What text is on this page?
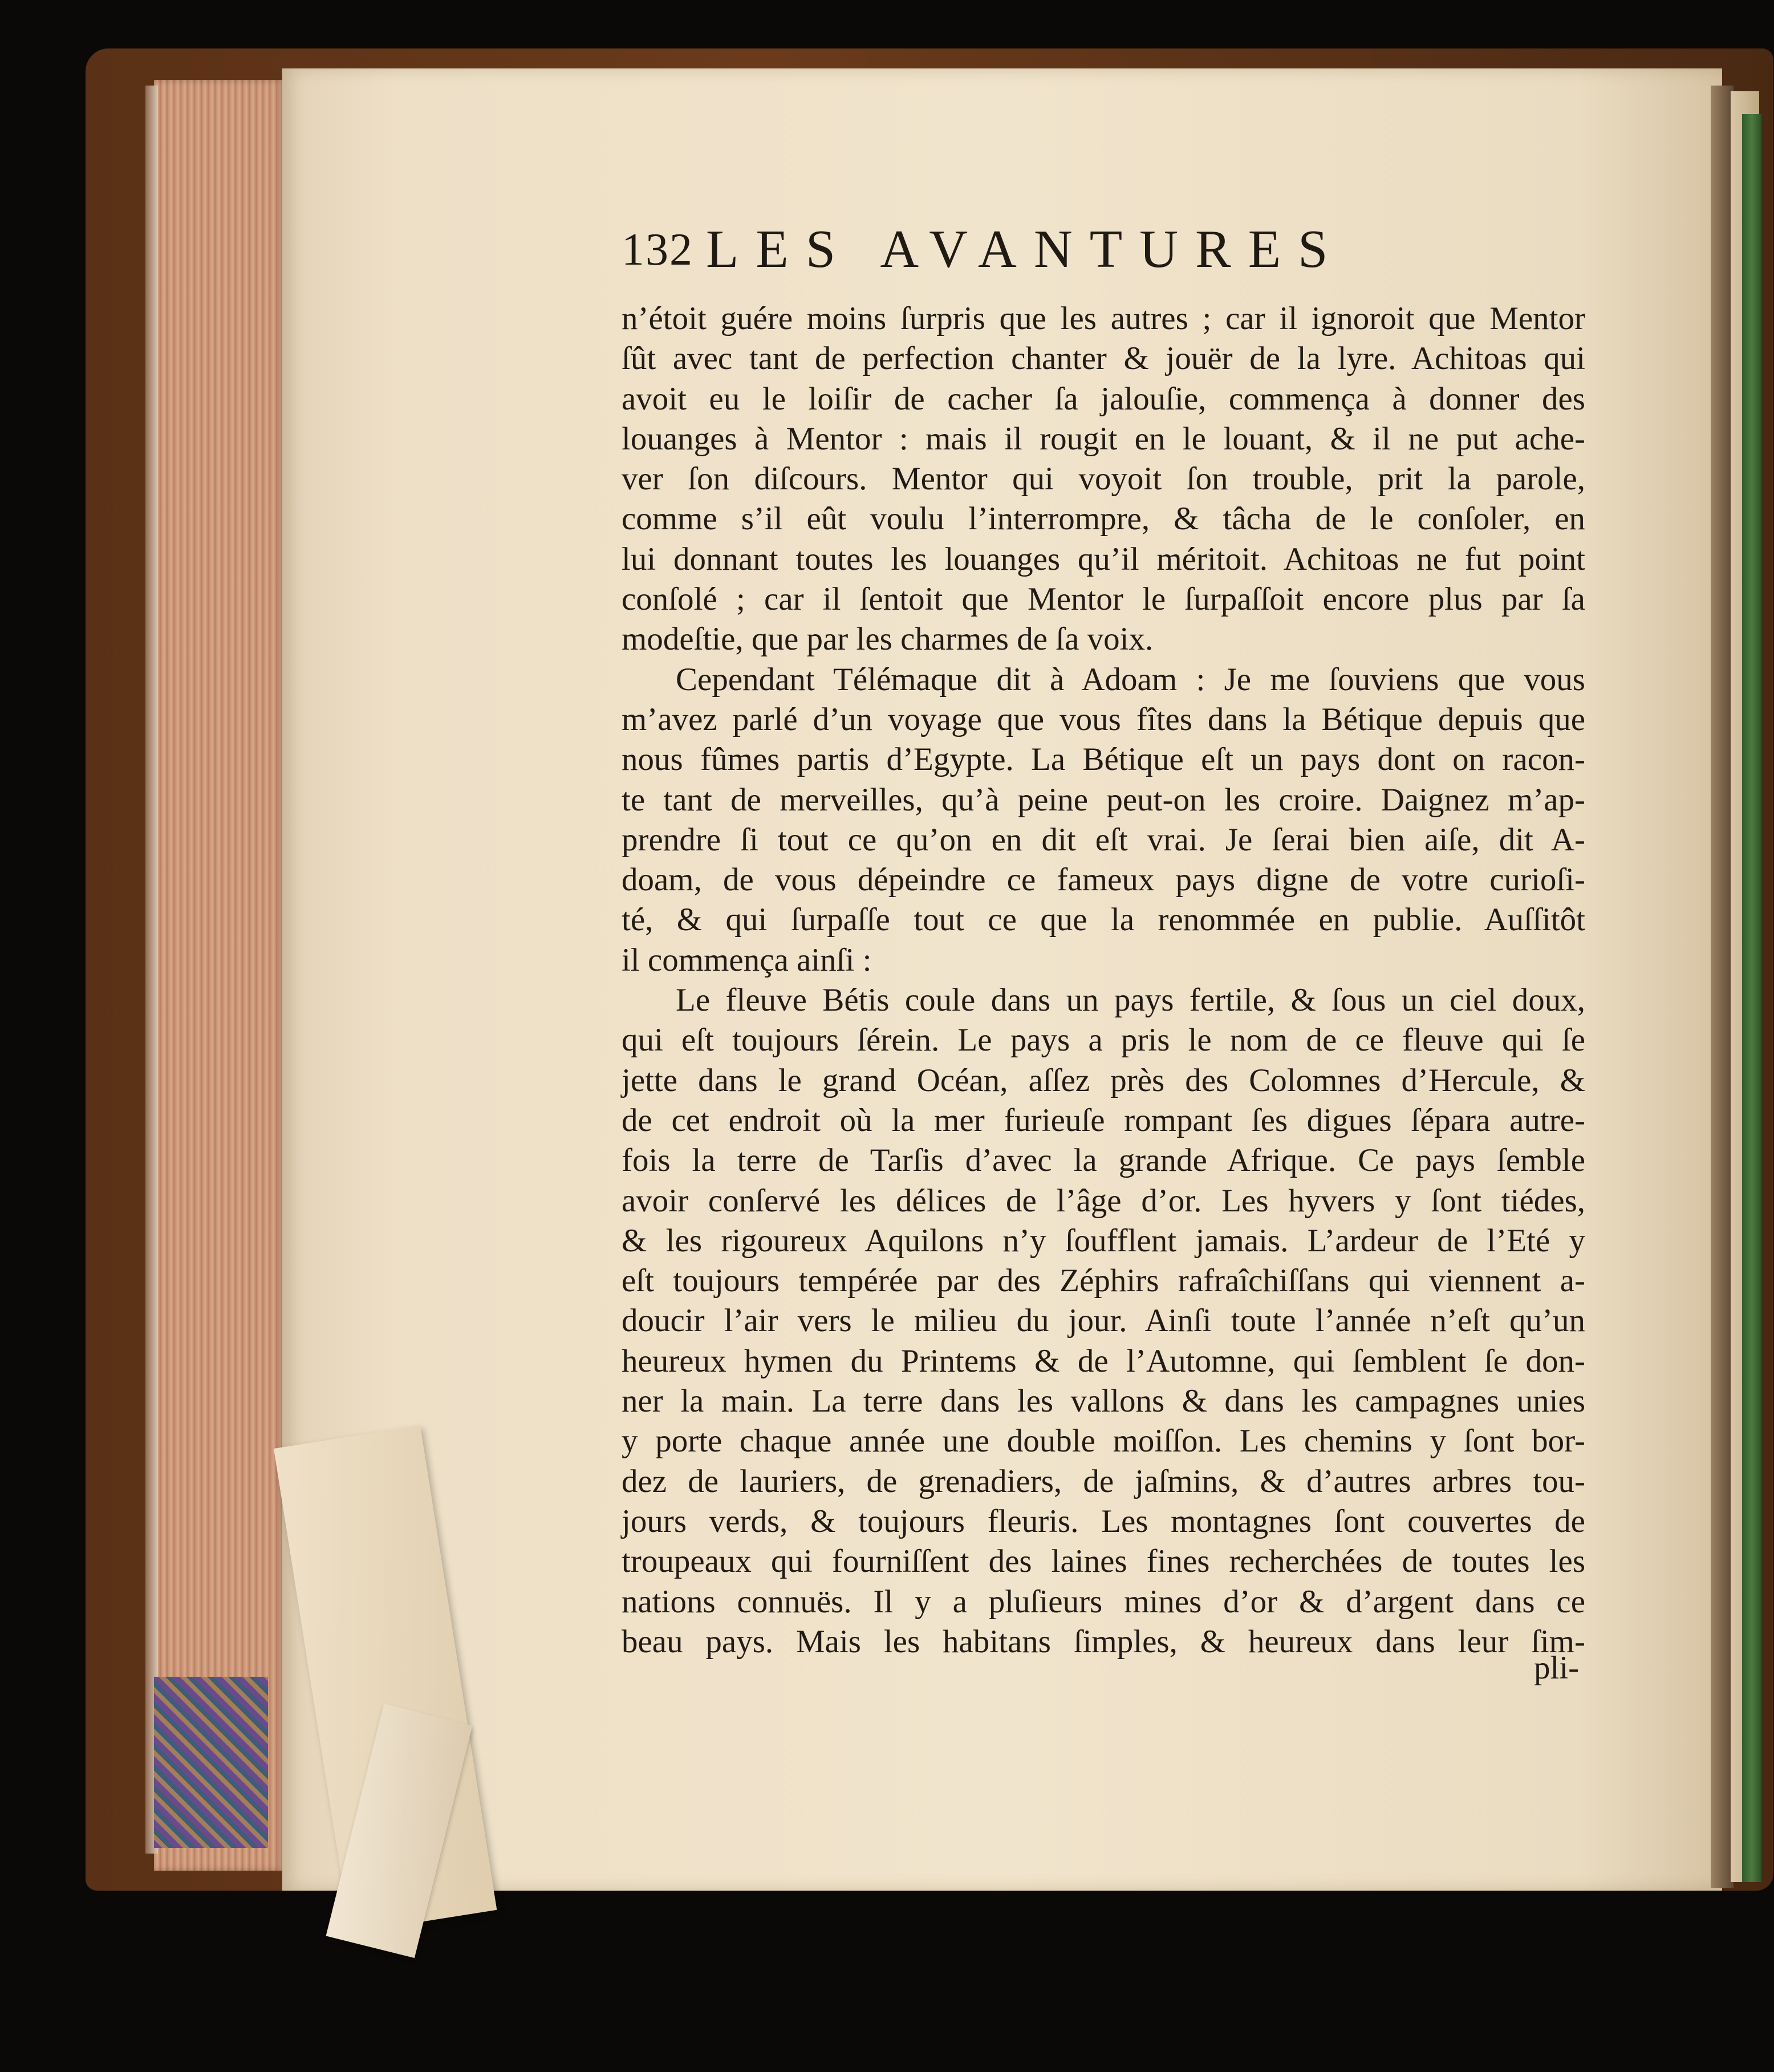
132 LES AVANTURES
n’étoit guére moins ſurpris que les autres ; car il ignoroit que Mentor
ſût avec tant de perfection chanter & jouër de la lyre. Achitoas qui
avoit eu le loiſir de cacher ſa jalouſie, commença à donner des
louanges à Mentor : mais il rougit en le louant, & il ne put ache-
ver ſon diſcours. Mentor qui voyoit ſon trouble, prit la parole,
comme s’il eût voulu l’interrompre, & tâcha de le conſoler, en
lui donnant toutes les louanges qu’il méritoit. Achitoas ne fut point
conſolé ; car il ſentoit que Mentor le ſurpaſſoit encore plus par ſa
modeſtie, que par les charmes de ſa voix.
Cependant Télémaque dit à Adoam : Je me ſouviens que vous
m’avez parlé d’un voyage que vous fîtes dans la Bétique depuis que
nous fûmes partis d’Egypte. La Bétique eſt un pays dont on racon-
te tant de merveilles, qu’à peine peut-on les croire. Daignez m’ap-
prendre ſi tout ce qu’on en dit eſt vrai. Je ſerai bien aiſe, dit A-
doam, de vous dépeindre ce fameux pays digne de votre curioſi-
té, & qui ſurpaſſe tout ce que la renommée en publie. Auſſitôt
il commença ainſi :
Le fleuve Bétis coule dans un pays fertile, & ſous un ciel doux,
qui eſt toujours ſérein. Le pays a pris le nom de ce fleuve qui ſe
jette dans le grand Océan, aſſez près des Colomnes d’Hercule, &
de cet endroit où la mer furieuſe rompant ſes digues ſépara autre-
fois la terre de Tarſis d’avec la grande Afrique. Ce pays ſemble
avoir conſervé les délices de l’âge d’or. Les hyvers y ſont tiédes,
& les rigoureux Aquilons n’y ſoufflent jamais. L’ardeur de l’Eté y
eſt toujours tempérée par des Zéphirs rafraîchiſſans qui viennent a-
doucir l’air vers le milieu du jour. Ainſi toute l’année n’eſt qu’un
heureux hymen du Printems & de l’Automne, qui ſemblent ſe don-
ner la main. La terre dans les vallons & dans les campagnes unies
y porte chaque année une double moiſſon. Les chemins y ſont bor-
dez de lauriers, de grenadiers, de jaſmins, & d’autres arbres tou-
jours verds, & toujours fleuris. Les montagnes ſont couvertes de
troupeaux qui fourniſſent des laines fines recherchées de toutes les
nations connuës. Il y a pluſieurs mines d’or & d’argent dans ce
beau pays. Mais les habitans ſimples, & heureux dans leur ſim-
pli-
